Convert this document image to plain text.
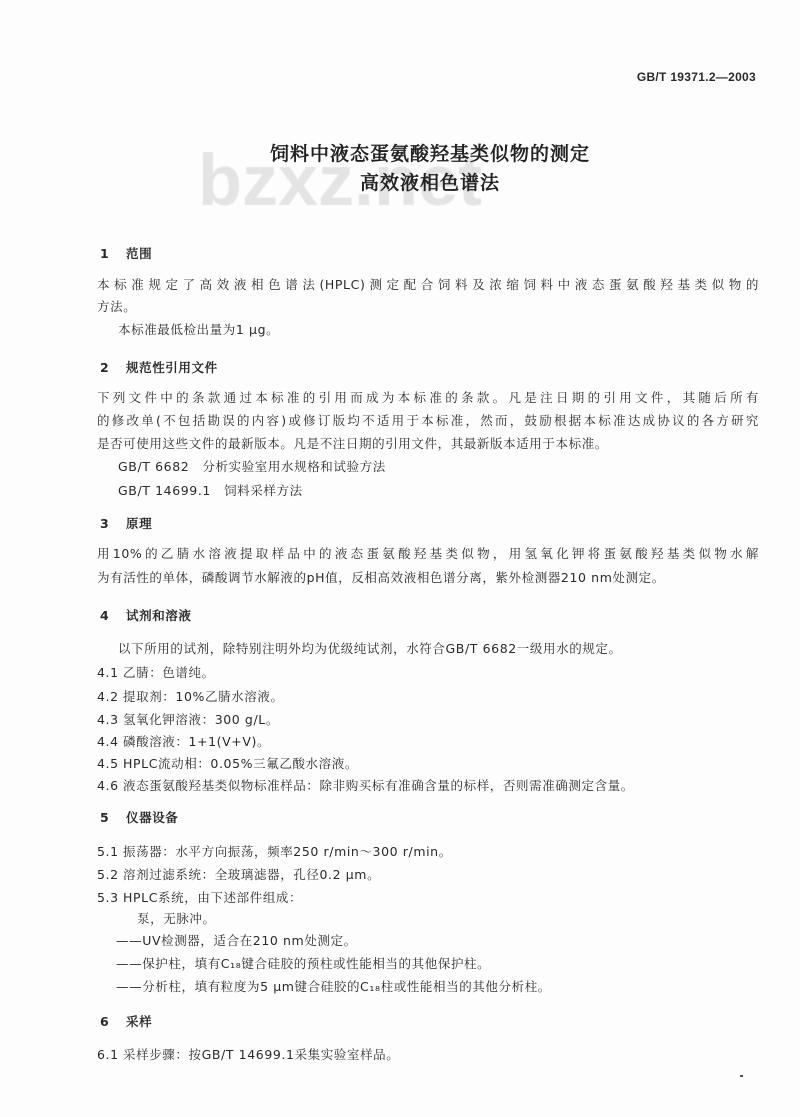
GB/T 19371.2—2003
饲料中液态蛋氨酸羟基类似物的测定
高效液相色谱法
1 范围
本标准规定了高效液相色谱法(HPLC)测定配合饲料及浓缩饲料中液态蛋氨酸羟基类似物的
方法。
本标准最低检出量为1 μg。
2 规范性引用文件
下列文件中的条款通过本标准的引用而成为本标准的条款。凡是注日期的引用文件，其随后所有
的修改单(不包括勘误的内容)或修订版均不适用于本标准，然而，鼓励根据本标准达成协议的各方研究
是否可使用这些文件的最新版本。凡是不注日期的引用文件，其最新版本适用于本标准。
GB/T 6682　分析实验室用水规格和试验方法
GB/T 14699.1　饲料采样方法
3 原理
用10%的乙腈水溶液提取样品中的液态蛋氨酸羟基类似物，用氢氧化钾将蛋氨酸羟基类似物水解
为有活性的单体，磷酸调节水解液的pH值，反相高效液相色谱分离，紫外检测器210 nm处测定。
4 试剂和溶液
以下所用的试剂，除特别注明外均为优级纯试剂，水符合GB/T 6682一级用水的规定。
4.1 乙腈：色谱纯。
4.2 提取剂：10%乙腈水溶液。
4.3 氢氧化钾溶液：300 g/L。
4.4 磷酸溶液：1+1(V+V)。
4.5 HPLC流动相：0.05%三氟乙酸水溶液。
4.6 液态蛋氨酸羟基类似物标准样品：除非购买标有准确含量的标样，否则需准确测定含量。
5 仪器设备
5.1 振荡器：水平方向振荡，频率250 r/min～300 r/min。
5.2 溶剂过滤系统：全玻璃滤器，孔径0.2 μm。
5.3 HPLC系统，由下述部件组成：
泵，无脉冲。
——UV检测器，适合在210 nm处测定。
——保护柱，填有C₁₈键合硅胶的预柱或性能相当的其他保护柱。
——分析柱，填有粒度为5 μm键合硅胶的C₁₈柱或性能相当的其他分析柱。
6 采样
6.1 采样步骤：按GB/T 14699.1采集实验室样品。
